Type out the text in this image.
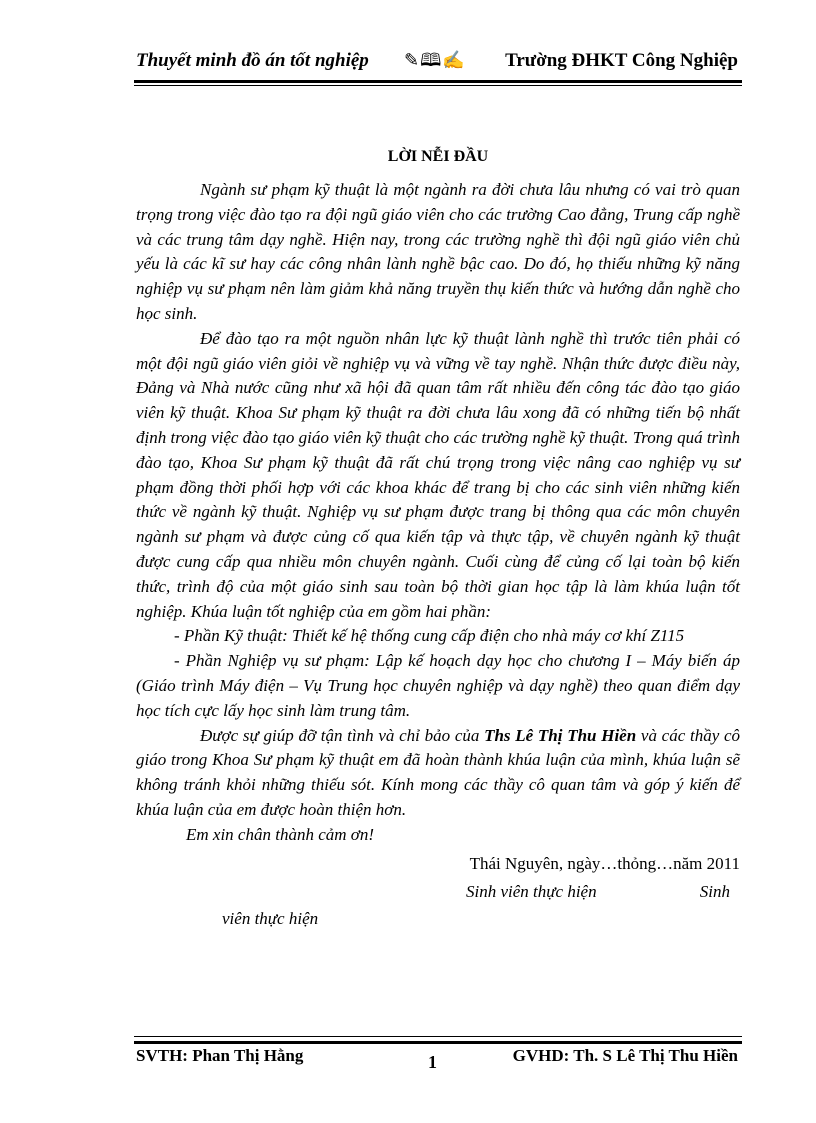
Thuyết minh đồ án tốt nghiệp ✎🕮✍ Trường ĐHKT Công Nghiệp
LỜI NỄI ĐẦU

Ngành sư phạm kỹ thuật là một ngành ra đời chưa lâu nhưng có vai trò quan trọng trong việc đào tạo ra đội ngũ giáo viên cho các trường Cao đẳng, Trung cấp nghề và các trung tâm dạy nghề. Hiện nay, trong các trường nghề thì đội ngũ giáo viên chủ yếu là các kĩ sư hay các công nhân lành nghề bậc cao. Do đó, họ thiếu những kỹ năng nghiệp vụ sư phạm nên làm giảm khả năng truyền thụ kiến thức và hướng dẫn nghề cho học sinh.

Để đào tạo ra một nguồn nhân lực kỹ thuật lành nghề thì trước tiên phải có một đội ngũ giáo viên giỏi về nghiệp vụ và vững về tay nghề. Nhận thức được điều này, Đảng và Nhà nước cũng như xã hội đã quan tâm rất nhiều đến công tác đào tạo giáo viên kỹ thuật. Khoa Sư phạm kỹ thuật ra đời chưa lâu xong đã có những tiến bộ nhất định trong việc đào tạo giáo viên kỹ thuật cho các trường nghề kỹ thuật. Trong quá trình đào tạo, Khoa Sư phạm kỹ thuật đã rất chú trọng trong việc nâng cao nghiệp vụ sư phạm đồng thời phối hợp với các khoa khác để trang bị cho các sinh viên những kiến thức về ngành kỹ thuật. Nghiệp vụ sư phạm được trang bị thông qua các môn chuyên ngành sư phạm và được củng cố qua kiến tập và thực tập, về chuyên ngành kỹ thuật được cung cấp qua nhiều môn chuyên ngành. Cuối cùng để củng cố lại toàn bộ kiến thức, trình độ của một giáo sinh sau toàn bộ thời gian học tập là làm khúa luận tốt nghiệp. Khúa luận tốt nghiệp của em gồm hai phần:

- Phần Kỹ thuật: Thiết kế hệ thống cung cấp điện cho nhà máy cơ khí Z115

- Phần Nghiệp vụ sư phạm: Lập kế hoạch dạy học cho chương I – Máy biến áp (Giáo trình Máy điện – Vụ Trung học chuyên nghiệp và dạy nghề) theo quan điểm dạy học tích cực lấy học sinh làm trung tâm.

Được sự giúp đỡ tận tình và chỉ bảo của Ths Lê Thị Thu Hiền và các thầy cô giáo trong Khoa Sư phạm kỹ thuật em đã hoàn thành khúa luận của mình, khúa luận sẽ không tránh khỏi những thiếu sót. Kính mong các thầy cô quan tâm và góp ý kiến để khúa luận của em được hoàn thiện hơn.

Em xin chân thành cảm ơn!

Thái Nguyên, ngày…thỏng…năm 2011

Sinh viên thực hiện	Sinh

viên thực hiện

SVTH: Phan Thị Hằng	1	GVHD: Th. S Lê Thị Thu Hiền
